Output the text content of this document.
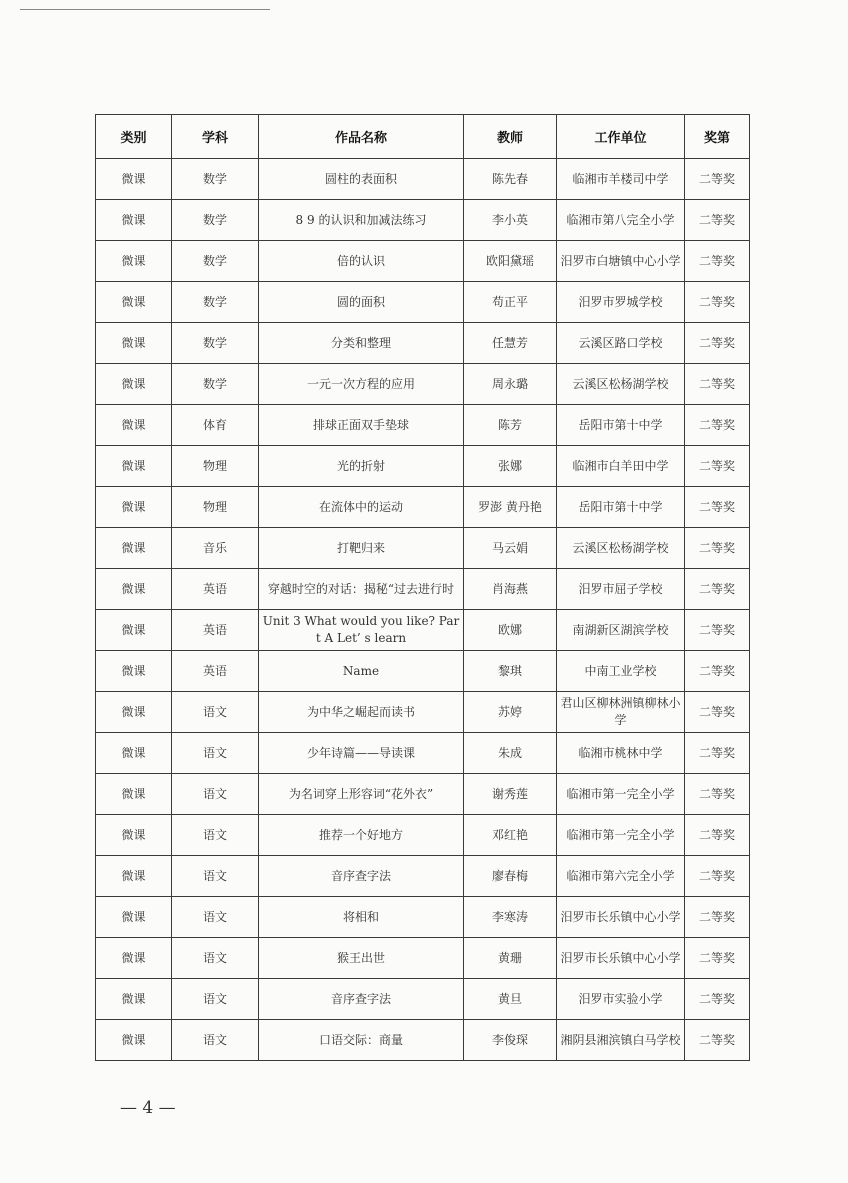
类别	学科	作品名称	教师	工作单位	奖第
微课	数学	圆柱的表面积	陈先春	临湘市羊楼司中学	二等奖
微课	数学	8 9 的认识和加减法练习	李小英	临湘市第八完全小学	二等奖
微课	数学	倍的认识	欧阳黛瑶	汨罗市白塘镇中心小学	二等奖
微课	数学	圆的面积	苟正平	汨罗市罗城学校	二等奖
微课	数学	分类和整理	任慧芳	云溪区路口学校	二等奖
微课	数学	一元一次方程的应用	周永璐	云溪区松杨湖学校	二等奖
微课	体育	排球正面双手垫球	陈芳	岳阳市第十中学	二等奖
微课	物理	光的折射	张娜	临湘市白羊田中学	二等奖
微课	物理	在流体中的运动	罗澎 黄丹艳	岳阳市第十中学	二等奖
微课	音乐	打靶归来	马云娟	云溪区松杨湖学校	二等奖
微课	英语	穿越时空的对话：揭秘“过去进行时	肖海燕	汨罗市屈子学校	二等奖
微课	英语	Unit 3 What would you like? Part A Let’ s learn	欧娜	南湖新区湖滨学校	二等奖
微课	英语	Name	黎琪	中南工业学校	二等奖
微课	语文	为中华之崛起而读书	苏婷	君山区柳林洲镇柳林小学	二等奖
微课	语文	少年诗篇——导读课	朱成	临湘市桃林中学	二等奖
微课	语文	为名词穿上形容词“花外衣”	谢秀莲	临湘市第一完全小学	二等奖
微课	语文	推荐一个好地方	邓红艳	临湘市第一完全小学	二等奖
微课	语文	音序查字法	廖春梅	临湘市第六完全小学	二等奖
微课	语文	将相和	李寒涛	汨罗市长乐镇中心小学	二等奖
微课	语文	猴王出世	黄珊	汨罗市长乐镇中心小学	二等奖
微课	语文	音序查字法	黄旦	汨罗市实验小学	二等奖
微课	语文	口语交际：商量	李俊琛	湘阴县湘滨镇白马学校	二等奖
— 4 —
